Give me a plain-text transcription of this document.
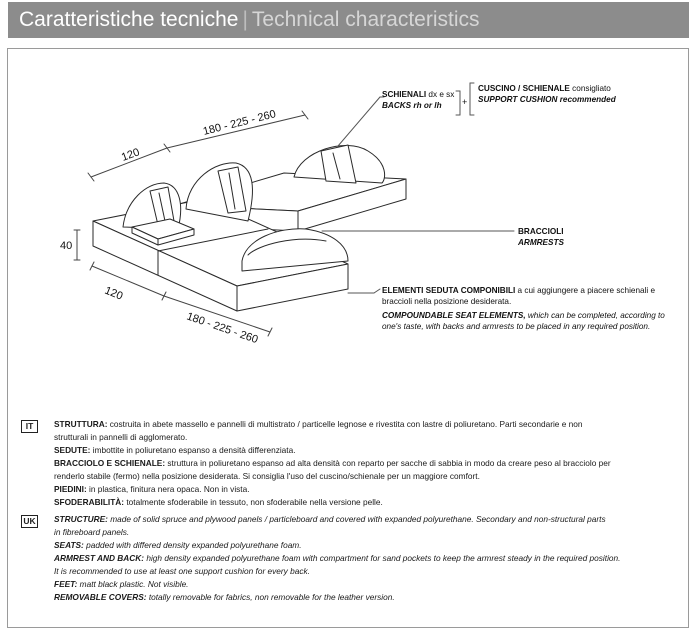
Caratteristiche tecniche | Technical characteristics
120
180 - 225 - 260
40
120
180 - 225 - 260
SCHIENALI dx e sx
BACKS rh or lh	+
CUSCINO / SCHIENALE consigliato
SUPPORT CUSHION recommended
BRACCIOLI
ARMRESTS
ELEMENTI SEDUTA COMPONIBILI a cui aggiungere a piacere schienali e
braccioli nella posizione desiderata.
COMPOUNDABLE SEAT ELEMENTS, which can be completed, according to
one's taste, with backs and armrests to be placed in any required position.
IT	STRUTTURA: costruita in abete massello e pannelli di multistrato / particelle legnose e rivestita con lastre di poliuretano. Parti secondarie e non
strutturali in pannelli di agglomerato.
SEDUTE: imbottite in poliuretano espanso a densità differenziata.
BRACCIOLO E SCHIENALE: struttura in poliuretano espanso ad alta densità con reparto per sacche di sabbia in modo da creare peso al bracciolo per
renderlo stabile (fermo) nella posizione desiderata. Si consiglia l'uso del cuscino/schienale per un maggiore comfort.
PIEDINI: in plastica, finitura nera opaca. Non in vista.
SFODERABILITÀ: totalmente sfoderabile in tessuto, non sfoderabile nella versione pelle.
UK STRUCTURE: made of solid spruce and plywood panels / particleboard and covered with expanded polyurethane. Secondary and non-structural parts
in fibreboard panels.
SEATS: padded with differed density expanded polyurethane foam.
ARMREST AND BACK: high density expanded polyurethane foam with compartment for sand pockets to keep the armrest steady in the required position.
It is recommended to use at least one support cushion for every back.
FEET: matt black plastic. Not visible.
REMOVABLE COVERS: totally removable for fabrics, non removable for the leather version.
